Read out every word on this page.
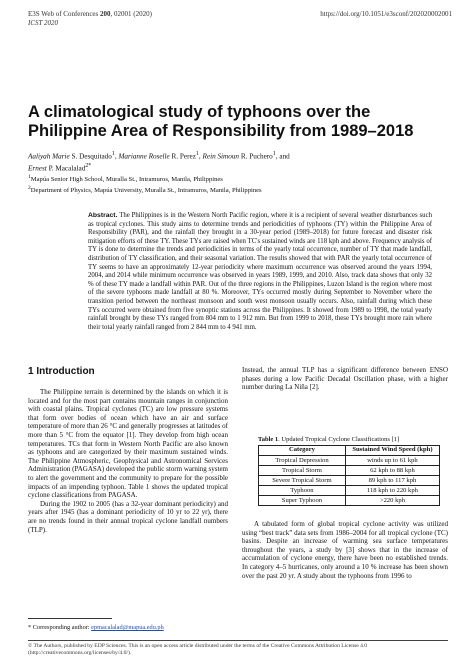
E3S Web of Conferences 200, 02001 (2020)
ICST 2020
https://doi.org/10.1051/e3sconf/202020002001
A climatological study of typhoons over the Philippine Area of Responsibility from 1989–2018
Aaliyah Marie S. Desquitado$^1$, Marianne Roselle R. Perez$^1$, Rein Simoun R. Puchero$^1$, and
Ernest P. Macalalad$^{2*}$
$^1$Mapúa Senior High School, Muralla St., Intramuros, Manila, Philippines
$^2$Department of Physics, Mapúa University, Muralla St., Intramuros, Manila, Philippines
Abstract. The Philippines is in the Western North Pacific region, where it is a recipient of several weather disturbances such as tropical cyclones. This study aims to determine trends and periodicities of typhoons (TY) within the Philippine Area of Responsibility (PAR), and the rainfall they brought in a 30-year period (1989–2018) for future forecast and disaster risk mitigation efforts of these TY. These TYs are raised when TC's sustained winds are 118 kph and above. Frequency analysis of TY is done to determine the trends and periodicities in terms of the yearly total occurrence, number of TY that made landfall, distribution of TY classification, and their seasonal variation. The results showed that with PAR the yearly total occurrence of TY seems to have an approximately 12-year periodicity where maximum occurrence was observed around the years 1994, 2004, and 2014 while minimum occurrence was observed in years 1989, 1999, and 2010. Also, track data shows that only 32 % of these TY made a landfall within PAR. Out of the three regions in the Philippines, Luzon Island is the region where most of the severe typhoons made landfall at 80 %. Moreover, TYs occurred mostly during September to November where the transition period between the northeast monsoon and south west monsoon usually occurs. Also, rainfall during which these TYs occurred were obtained from five synoptic stations across the Philippines. It showed from 1989 to 1998, the total yearly rainfall brought by these TYs ranged from 804 mm to 1 912 mm. But from 1999 to 2018, these TYs brought more rain where their total yearly rainfall ranged from 2 844 mm to 4 941 mm.
1 Introduction

The Philippine terrain is determined by the islands on which it is located and for the most part contains mountain ranges in conjunction with coastal plains. Tropical cyclones (TC) are low pressure systems that form over bodies of ocean which have an air and surface temperature of more than 26 °C and generally progresses at latitudes of more than 5 °C from the equator [1]. They develop from high ocean temperatures. TCs that form in Western North Pacific are also known as typhoons and are categorized by their maximum sustained winds. The Philippine Atmospheric, Geophysical and Astronomical Services Administration (PAGASA) developed the public storm warning system to alert the government and the community to prepare for the possible impacts of an impending typhoon. Table 1 shows the updated tropical cyclone classifications from PAGASA.

During the 1902 to 2005 (has a 32-year dominant periodicity) and years after 1945 (has a dominant periodicity of 10 yr to 22 yr), there are no trends found in their annual tropical cyclone landfall numbers (TLP).

Instead, the annual TLP has a significant difference between ENSO phases during a low Pacific Decadal Oscillation phase, with a higher number during La Niña [2].

Table 1. Updated Tropical Cyclone Classifications [1]
Category	Sustained Wind Speed (kph)
Tropical Depression	winds up to 61 kph
Tropical Storm	62 kph to 88 kph
Severe Tropical Storm	89 kph to 117 kph
Typhoon	118 kph to 220 kph
Super Typhoon	>220 kph

A tabulated form of global tropical cyclone activity was utilized using “best track” data sets from 1986–2004 for all tropical cyclone (TC) basins. Despite an increase of warming sea surface temperatures throughout the years, a study by [3] shows that in the increase of accumulation of cyclone energy, there have been no established trends. In category 4–5 hurricanes, only around a 10 % increase has been shown over the past 20 yr. A study about the typhoons from 1996 to

* Corresponding author: epmacalalad@mapua.edu.ph
© The Authors, published by EDP Sciences. This is an open access article distributed under the terms of the Creative Commons Attribution License 4.0 (http://creativecommons.org/licenses/by/4.0/).
